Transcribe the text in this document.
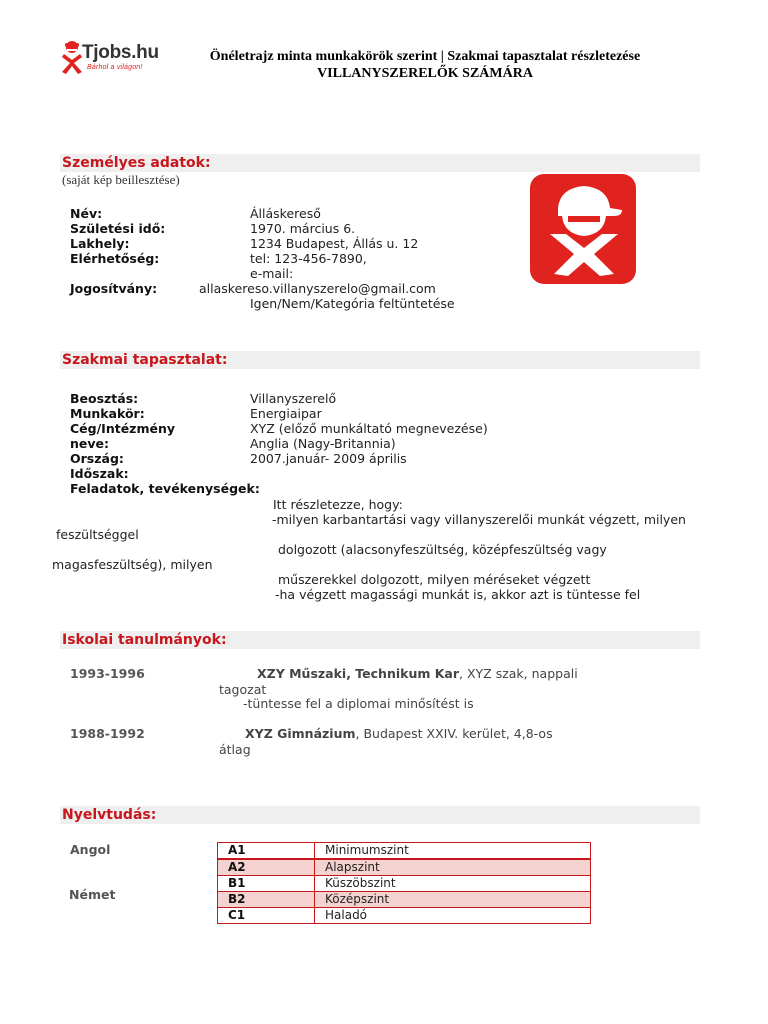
Tjobs.hu
Bárhol a világon!
Önéletrajz minta munkakörök szerint | Szakmai tapasztalat részletezése
VILLANYSZERELŐK SZÁMÁRA
Személyes adatok:
(saját kép beillesztése)
Név:	Álláskereső
Születési idő:	1970. március 6.
Lakhely:	1234 Budapest, Állás u. 12
Elérhetőség:	tel: 123-456-7890,
e-mail:
Jogosítvány:	allaskereso.villanyszerelo@gmail.com
Igen/Nem/Kategória feltüntetése
Szakmai tapasztalat:
Beosztás:	Villanyszerelő
Munkakör:	Energiaipar
Cég/Intézmény	XYZ (előző munkáltató megnevezése)
neve:	Anglia (Nagy-Britannia)
Ország:	2007.január- 2009 április
Időszak:
Feladatok, tevékenységek:
Itt részletezze, hogy:
-milyen karbantartási vagy villanyszerelői munkát végzett, milyen
feszültséggel
dolgozott (alacsonyfeszültség, középfeszültség vagy
magasfeszültség), milyen
műszerekkel dolgozott, milyen méréseket végzett
-ha végzett magassági munkát is, akkor azt is tüntesse fel
Iskolai tanulmányok:
1993-1996	XZY Műszaki, Technikum Kar, XYZ szak, nappali
tagozat
-tüntesse fel a diplomai minősítést is
1988-1992	XYZ Gimnázium, Budapest XXIV. kerület, 4,8-os
átlag
Nyelvtudás:
Angol
Német
A1	Minimumszint
A2	Alapszint
B1	Küszöbszint
B2	Középszint
C1	Haladó
